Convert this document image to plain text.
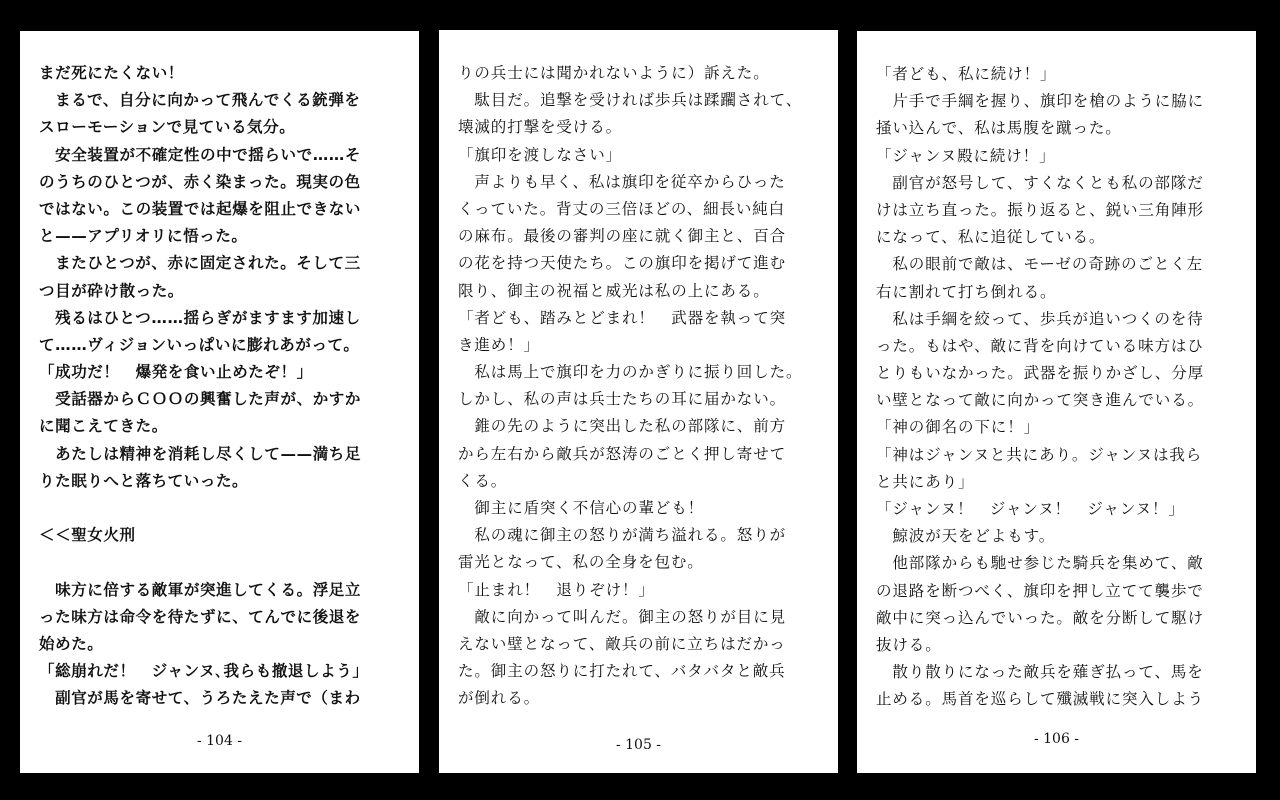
まだ死にたくない！
　まるで、自分に向かって飛んでくる銃弾を
スローモーションで見ている気分。
　安全装置が不確定性の中で揺らいで……そ
のうちのひとつが、赤く染まった。現実の色
ではない。この装置では起爆を阻止できない
と——アプリオリに悟った。
　またひとつが、赤に固定された。そして三
つ目が砕け散った。
　残るはひとつ……揺らぎがますます加速し
て……ヴィジョンいっぱいに膨れあがって。
「成功だ！　爆発を食い止めたぞ！」
　受話器からＣＯＯの興奮した声が、かすか
に聞こえてきた。
　あたしは精神を消耗し尽くして——満ち足
りた眠りへと落ちていった。
＜＜聖女火刑
　味方に倍する敵軍が突進してくる。浮足立
った味方は命令を待たずに、てんでに後退を
始めた。
「総崩れだ！　ジャンヌ､我らも撤退しよう」
　副官が馬を寄せて、うろたえた声で（まわ
- 104 -
りの兵士には聞かれないように）訴えた。
　駄目だ。追撃を受ければ歩兵は蹂躙されて、
壊滅的打撃を受ける。
「旗印を渡しなさい」
　声よりも早く、私は旗印を従卒からひった
くっていた。背丈の三倍ほどの、細長い純白
の麻布。最後の審判の座に就く御主と、百合
の花を持つ天使たち。この旗印を掲げて進む
限り、御主の祝福と威光は私の上にある。
「者ども、踏みとどまれ！　武器を執って突
き進め！」
　私は馬上で旗印を力のかぎりに振り回した。
しかし、私の声は兵士たちの耳に届かない。
　錐の先のように突出した私の部隊に、前方
から左右から敵兵が怒涛のごとく押し寄せて
くる。
　御主に盾突く不信心の輩ども！
　私の魂に御主の怒りが満ち溢れる。怒りが
雷光となって、私の全身を包む。
「止まれ！　退りぞけ！」
　敵に向かって叫んだ。御主の怒りが目に見
えない壁となって、敵兵の前に立ちはだかっ
た。御主の怒りに打たれて、バタバタと敵兵
が倒れる。
- 105 -
「者ども、私に続け！」
　片手で手綱を握り、旗印を槍のように脇に
掻い込んで、私は馬腹を蹴った。
「ジャンヌ殿に続け！」
　副官が怒号して、すくなくとも私の部隊だ
けは立ち直った。振り返ると、鋭い三角陣形
になって、私に追従している。
　私の眼前で敵は、モーゼの奇跡のごとく左
右に割れて打ち倒れる。
　私は手綱を絞って、歩兵が追いつくのを待
った。もはや、敵に背を向けている味方はひ
とりもいなかった。武器を振りかざし、分厚
い壁となって敵に向かって突き進んでいる。
「神の御名の下に！」
「神はジャンヌと共にあり。ジャンヌは我ら
と共にあり」
「ジャンヌ！　ジャンヌ！　ジャンヌ！」
　鯨波が天をどよもす。
　他部隊からも馳せ参じた騎兵を集めて、敵
の退路を断つべく、旗印を押し立てて襲歩で
敵中に突っ込んでいった。敵を分断して駆け
抜ける。
　散り散りになった敵兵を薙ぎ払って、馬を
止める。馬首を巡らして殲滅戦に突入しよう
- 106 -
